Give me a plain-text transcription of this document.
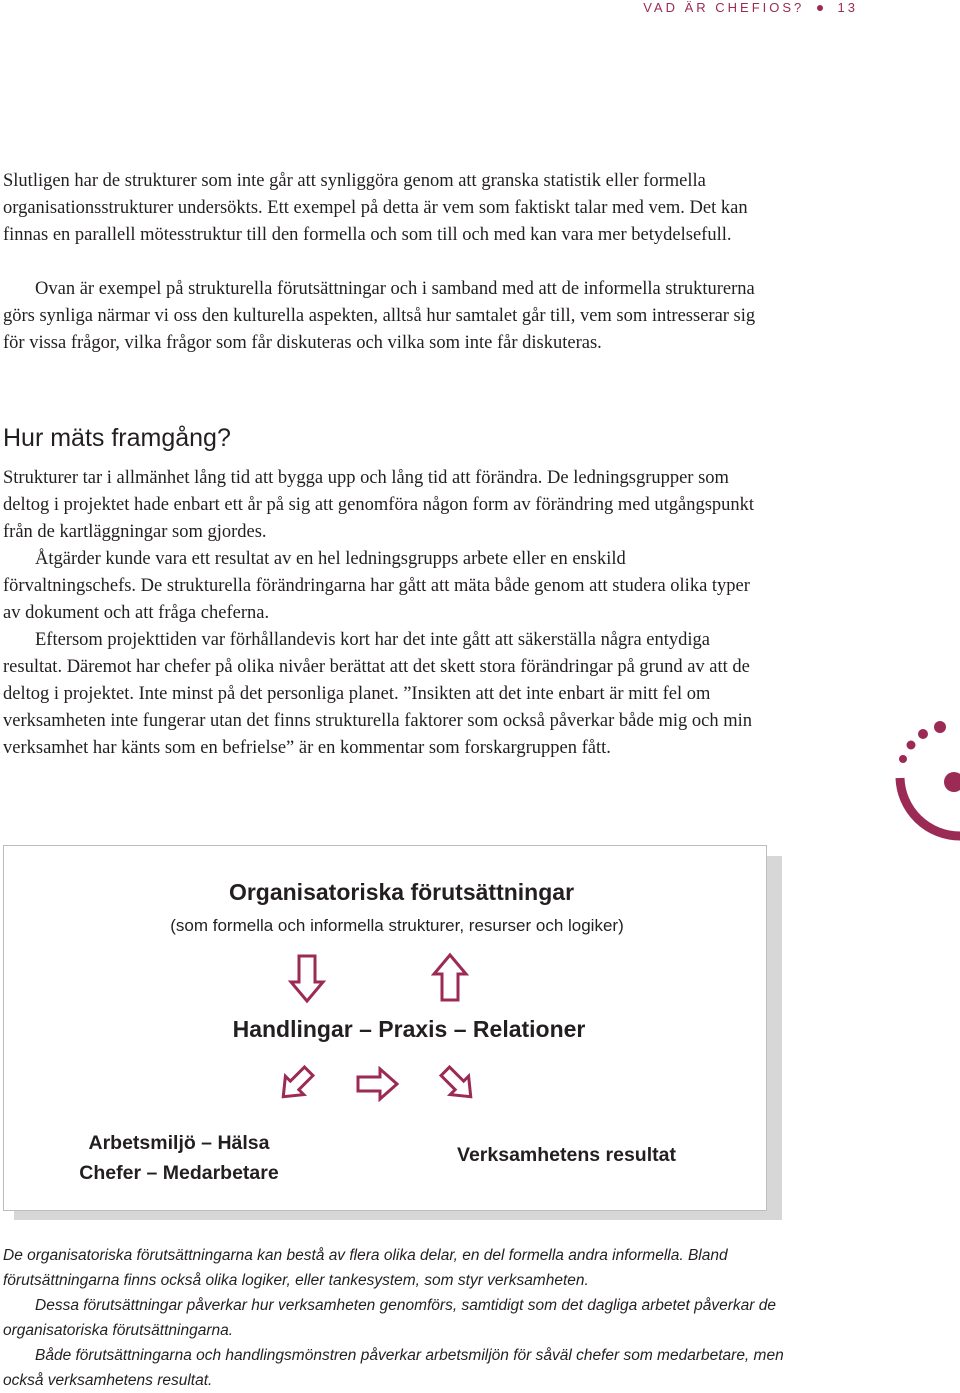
VAD ÄR CHEFIOS?	13

Slutligen har de strukturer som inte går att synliggöra genom att granska statistik eller formella organisationsstrukturer undersökts. Ett exempel på detta är vem som faktiskt talar med vem. Det kan finnas en parallell mötesstruktur till den formella och som till och med kan vara mer betydelsefull.

Ovan är exempel på strukturella förutsättningar och i samband med att de informella strukturerna görs synliga närmar vi oss den kulturella aspekten, alltså hur samtalet går till, vem som intresserar sig för vissa frågor, vilka frågor som får diskuteras och vilka som inte får diskuteras.

Hur mäts framgång?

Strukturer tar i allmänhet lång tid att bygga upp och lång tid att förändra. De ledningsgrupper som deltog i projektet hade enbart ett år på sig att genomföra någon form av förändring med utgångspunkt från de kartläggningar som gjordes.

Åtgärder kunde vara ett resultat av en hel ledningsgrupps arbete eller en enskild förvaltningschefs. De strukturella förändringarna har gått att mäta både genom att studera olika typer av dokument och att fråga cheferna.

Eftersom projekttiden var förhållandevis kort har det inte gått att säkerställa några entydiga resultat. Däremot har chefer på olika nivåer berättat att det skett stora förändringar på grund av att de deltog i projektet. Inte minst på det personliga planet. ”Insikten att det inte enbart är mitt fel om verksamheten inte fungerar utan det finns strukturella faktorer som också påverkar både mig och min verksamhet har känts som en befrielse” är en kommentar som forskargruppen fått.

Organisatoriska förutsättningar
(som formella och informella strukturer, resurser och logiker)
Handlingar – Praxis – Relationer
Arbetsmiljö – Hälsa
Chefer – Medarbetare
Verksamhetens resultat
De organisatoriska förutsättningarna kan bestå av flera olika delar, en del formella andra informella. Bland förutsättningarna finns också olika logiker, eller tankesystem, som styr verksamheten.
Dessa förutsättningar påverkar hur verksamheten genomförs, samtidigt som det dagliga arbetet påverkar de organisatoriska förutsättningarna.
Både förutsättningarna och handlingsmönstren påverkar arbetsmiljön för såväl chefer som medarbetare, men också verksamhetens resultat.
